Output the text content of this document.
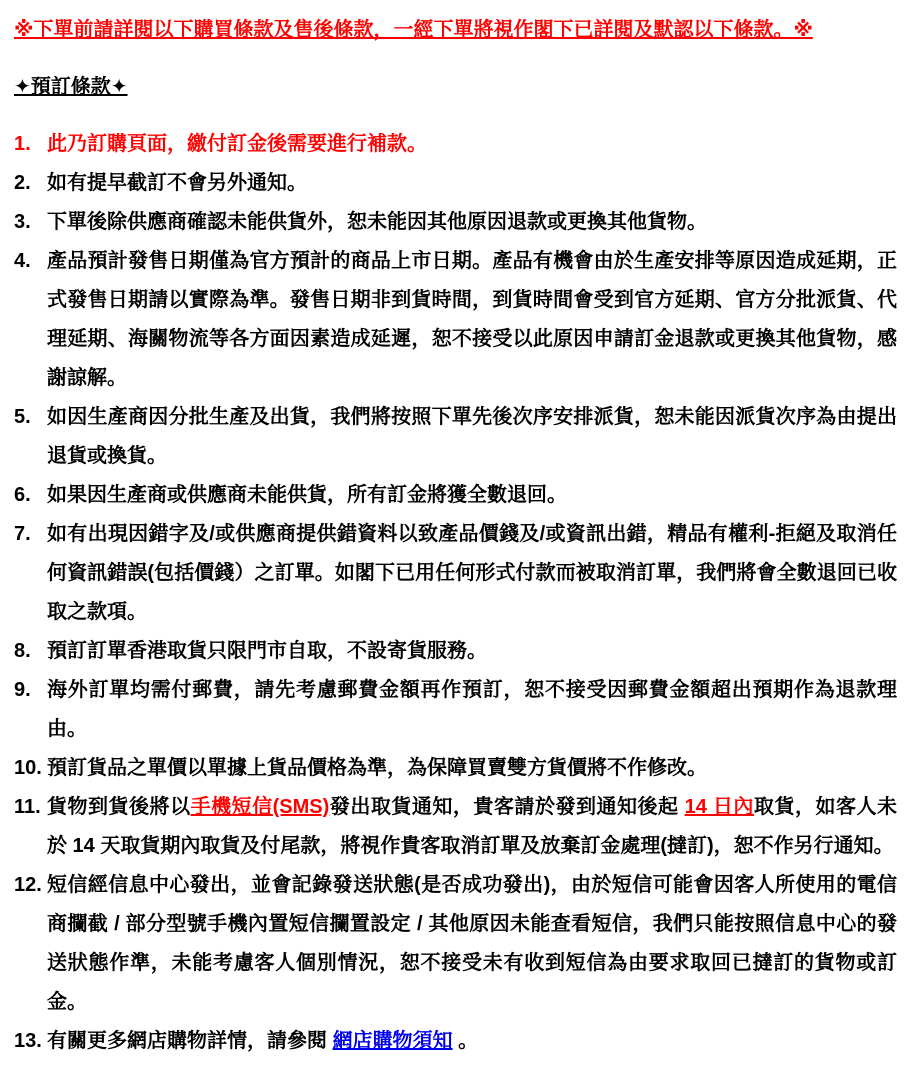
※下單前請詳閱以下購買條款及售後條款，一經下單將視作閣下已詳閱及默認以下條款。※
✦預訂條款✦
1. 此乃訂購頁面，繳付訂金後需要進行補款。
2. 如有提早截訂不會另外通知。
3. 下單後除供應商確認未能供貨外，恕未能因其他原因退款或更換其他貨物。
4. 產品預計發售日期僅為官方預計的商品上市日期。產品有機會由於生產安排等原因造成延期，正式發售日期請以實際為準。發售日期非到貨時間，到貨時間會受到官方延期、官方分批派貨、代理延期、海關物流等各方面因素造成延遲，恕不接受以此原因申請訂金退款或更換其他貨物，感謝諒解。
5. 如因生產商因分批生產及出貨，我們將按照下單先後次序安排派貨，恕未能因派貨次序為由提出退貨或換貨。
6. 如果因生產商或供應商未能供貨，所有訂金將獲全數退回。
7. 如有出現因錯字及/或供應商提供錯資料以致產品價錢及/或資訊出錯，精品有權利-拒絕及取消任何資訊錯誤(包括價錢）之訂單。如閣下已用任何形式付款而被取消訂單，我們將會全數退回已收取之款項。
8. 預訂訂單香港取貨只限門市自取，不設寄貨服務。
9. 海外訂單均需付郵費，請先考慮郵費金額再作預訂，恕不接受因郵費金額超出預期作為退款理由。
10. 預訂貨品之單價以單據上貨品價格為準，為保障買賣雙方貨價將不作修改。
11. 貨物到貨後將以手機短信(SMS)發出取貨通知，貴客請於發到通知後起 14 日內取貨，如客人未於 14 天取貨期內取貨及付尾款，將視作貴客取消訂單及放棄訂金處理(撻訂)，恕不作另行通知。
12. 短信經信息中心發出，並會記錄發送狀態(是否成功發出)，由於短信可能會因客人所使用的電信商攔截 / 部分型號手機內置短信攔置設定 / 其他原因未能查看短信，我們只能按照信息中心的發送狀態作準，未能考慮客人個別情況，恕不接受未有收到短信為由要求取回已撻訂的貨物或訂金。
13. 有關更多網店購物詳情，請參閱 網店購物須知 。
